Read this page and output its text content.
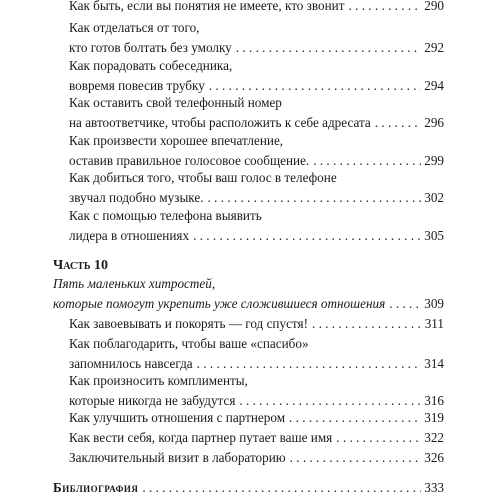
Как быть, если вы понятия не имеете, кто звонит . . .	290
Как отделаться от того,
кто готов болтать без умолку . . .	292
Как порадовать собеседника,
вовремя повесив трубку . . .	294
Как оставить свой телефонный номер
на автоответчике, чтобы расположить к себе адресата . . .	296
Как произвести хорошее впечатление,
оставив правильное голосовое сообщение. . . .	299
Как добиться того, чтобы ваш голос в телефоне
звучал подобно музыке. . . .	302
Как с помощью телефона выявить
лидера в отношениях . . .	305
Часть 10
Пять маленьких хитростей,
которые помогут укрепить уже сложившиеся отношения . . .	309
Как завоевывать и покорять — год спустя! . . .	311
Как поблагодарить, чтобы ваше «спасибо»
запомнилось навсегда . . .	314
Как произносить комплименты,
которые никогда не забудутся . . .	316
Как улучшить отношения с партнером . . .	319
Как вести себя, когда партнер путает ваше имя . . .	322
Заключительный визит в лабораторию . . .	326
Библиография . . .	333
